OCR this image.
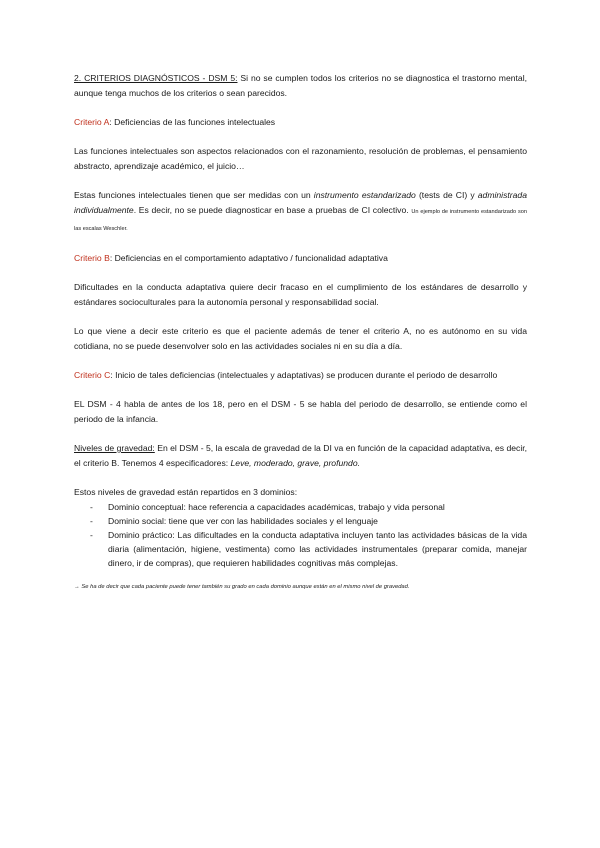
2. CRITERIOS DIAGNÓSTICOS - DSM 5: Si no se cumplen todos los criterios no se diagnostica el trastorno mental, aunque tenga muchos de los criterios o sean parecidos.

Criterio A: Deficiencias de las funciones intelectuales

Las funciones intelectuales son aspectos relacionados con el razonamiento, resolución de problemas, el pensamiento abstracto, aprendizaje académico, el juicio…

Estas funciones intelectuales tienen que ser medidas con un instrumento estandarizado (tests de CI) y administrada individualmente. Es decir, no se puede diagnosticar en base a pruebas de CI colectivo. Un ejemplo de instrumento estandarizado son las escalas Weschler.

Criterio B: Deficiencias en el comportamiento adaptativo / funcionalidad adaptativa

Dificultades en la conducta adaptativa quiere decir fracaso en el cumplimiento de los estándares de desarrollo y estándares socioculturales para la autonomía personal y responsabilidad social.

Lo que viene a decir este criterio es que el paciente además de tener el criterio A, no es autónomo en su vida cotidiana, no se puede desenvolver solo en las actividades sociales ni en su día a día.

Criterio C: Inicio de tales deficiencias (intelectuales y adaptativas) se producen durante el periodo de desarrollo

EL DSM - 4 habla de antes de los 18, pero en el DSM - 5 se habla del periodo de desarrollo, se entiende como el periodo de la infancia.

Niveles de gravedad: En el DSM - 5, la escala de gravedad de la DI va en función de la capacidad adaptativa, es decir, el criterio B. Tenemos 4 especificadores: Leve, moderado, grave, profundo.

Estos niveles de gravedad están repartidos en 3 dominios:

- Dominio conceptual: hace referencia a capacidades académicas, trabajo y vida personal
- Dominio social: tiene que ver con las habilidades sociales y el lenguaje
- Dominio práctico: Las dificultades en la conducta adaptativa incluyen tanto las actividades básicas de la vida diaria (alimentación, higiene, vestimenta) como las actividades instrumentales (preparar comida, manejar dinero, ir de compras), que requieren habilidades cognitivas más complejas.

→ Se ha de decir que cada paciente puede tener también su grado en cada dominio aunque están en el mismo nivel de gravedad.
